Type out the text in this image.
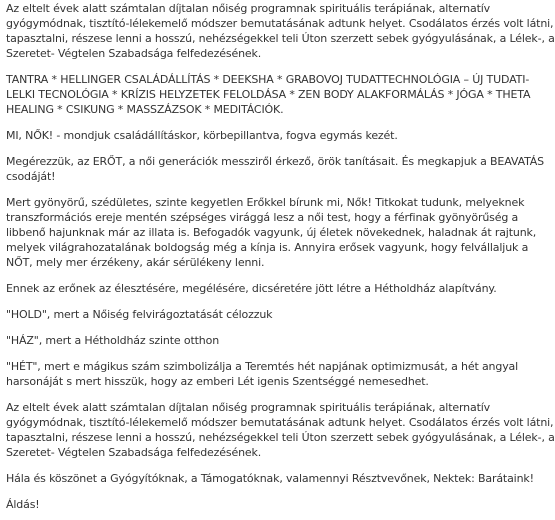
Az eltelt évek alatt számtalan díjtalan nőiség programnak spirituális terápiának, alternatív gyógymódnak, tisztító-lélekemelő módszer bemutatásának adtunk helyet. Csodálatos érzés volt látni, tapasztalni, részese lenni a hosszú, nehézségekkel teli Úton szerzett sebek gyógyulásának, a Lélek-, a Szeretet- Végtelen Szabadsága felfedezésének.

TANTRA * HELLINGER CSALÁDÁLLÍTÁS * DEEKSHA * GRABOVOJ TUDATTECHNOLÓGIA – ÚJ TUDATI-LELKI TECNOLÓGIA * KRÍZIS HELYZETEK FELOLDÁSA * ZEN BODY ALAKFORMÁLÁS * JÓGA * THETA HEALING * CSIKUNG * MASSZÁZSOK * MEDITÁCIÓK.

MI, NŐK! - mondjuk családállításkor, körbepillantva, fogva egymás kezét.

Megérezzük, az ERŐT, a női generációk messziről érkező, örök tanításait. És megkapjuk a BEAVATÁS csodáját!

Mert gyönyörű, szédületes, szinte kegyetlen Erőkkel bírunk mi, Nők! Titkokat tudunk, melyeknek transzformációs ereje mentén szépséges virággá lesz a női test, hogy a férfinak gyönyörűség a libbenő hajunknak már az illata is. Befogadók vagyunk, új életek növekednek, haladnak át rajtunk, melyek világrahozatalának boldogság még a kínja is. Annyira erősek vagyunk, hogy felvállaljuk a NŐT, mely mer érzékeny, akár sérülékeny lenni.

Ennek az erőnek az élesztésére, megélésére, dicséretére jött létre a Hétholdház alapítvány.

"HOLD", mert a Nőiség felvirágoztatását célozzuk

"HÁZ", mert a Hétholdház szinte otthon

"HÉT", mert e mágikus szám szimbolizálja a Teremtés hét napjának optimizmusát, a hét angyal harsonáját s mert hisszük, hogy az emberi Lét igenis Szentséggé nemesedhet.

Az eltelt évek alatt számtalan díjtalan nőiség programnak spirituális terápiának, alternatív gyógymódnak, tisztító-lélekemelő módszer bemutatásának adtunk helyet. Csodálatos érzés volt látni, tapasztalni, részese lenni a hosszú, nehézségekkel teli Úton szerzett sebek gyógyulásának, a Lélek-, a Szeretet- Végtelen Szabadsága felfedezésének.

Hála és köszönet a Gyógyítóknak, a Támogatóknak, valamennyi Résztvevőnek, Nektek: Barátaink!

Áldás!
